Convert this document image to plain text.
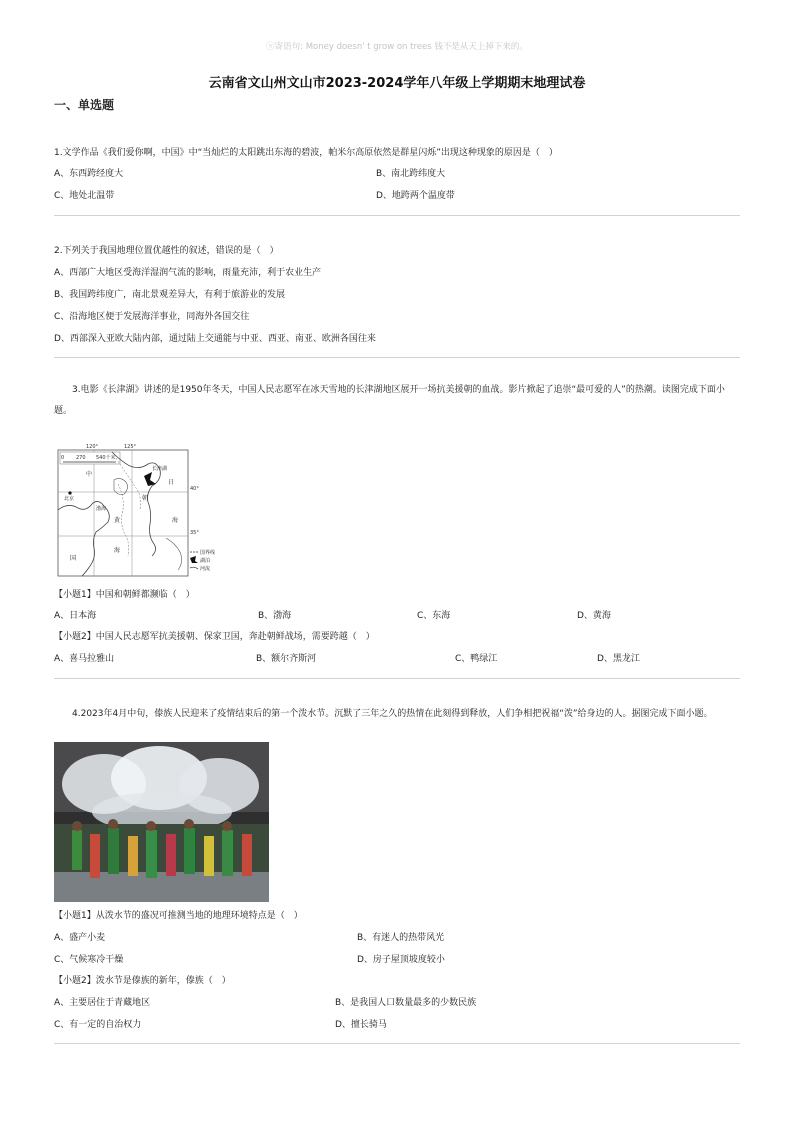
ⓢ寄语句: Money doesn' t grow on trees 钱不是从天上掉下来的。
云南省文山州文山市2023-2024学年八年级上学期期末地理试卷
一、单选题
1.文学作品《我们爱你啊，中国》中“当灿烂的太阳跳出东海的碧波，帕米尔高原依然是群星闪烁”出现这种现象的原因是（　）
A、东西跨经度大	B、南北跨纬度大
C、地处北温带	D、地跨两个温度带
2.下列关于我国地理位置优越性的叙述，错误的是（　）
A、西部广大地区受海洋湿润气流的影响，雨量充沛，利于农业生产
B、我国跨纬度广，南北景观差异大，有利于旅游业的发展
C、沿海地区便于发展海洋事业，同海外各国交往
D、西部深入亚欧大陆内部，通过陆上交通能与中亚、西亚、南亚、欧洲各国往来
3.电影《长津湖》讲述的是1950年冬天，中国人民志愿军在冰天雪地的长津湖地区展开一场抗美援朝的血战。影片掀起了追崇“最可爱的人”的热潮。读图完成下面小题。
0 270 540千米
120°	125°
40°
35°
长津湖
北京
中
国
渤海
黄
海
朝
日
海
国界线
湖泊
河流
【小题1】中国和朝鲜都濒临（　）
A、日本海	B、渤海	C、东海	D、黄海
【小题2】中国人民志愿军抗美援朝、保家卫国，奔赴朝鲜战场，需要跨越（　）
A、喜马拉雅山	B、额尔齐斯河	C、鸭绿江	D、黑龙江
4.2023年4月中旬，傣族人民迎来了疫情结束后的第一个泼水节。沉默了三年之久的热情在此刻得到释放，人们争相把祝福“泼”给身边的人。据图完成下面小题。
【小题1】从泼水节的盛况可推测当地的地理环境特点是（　）
A、盛产小麦	B、有迷人的热带风光
C、气候寒冷干燥	D、房子屋顶坡度较小
【小题2】泼水节是傣族的新年，傣族（　）
A、主要居住于青藏地区	B、是我国人口数量最多的少数民族
C、有一定的自治权力	D、擅长骑马
